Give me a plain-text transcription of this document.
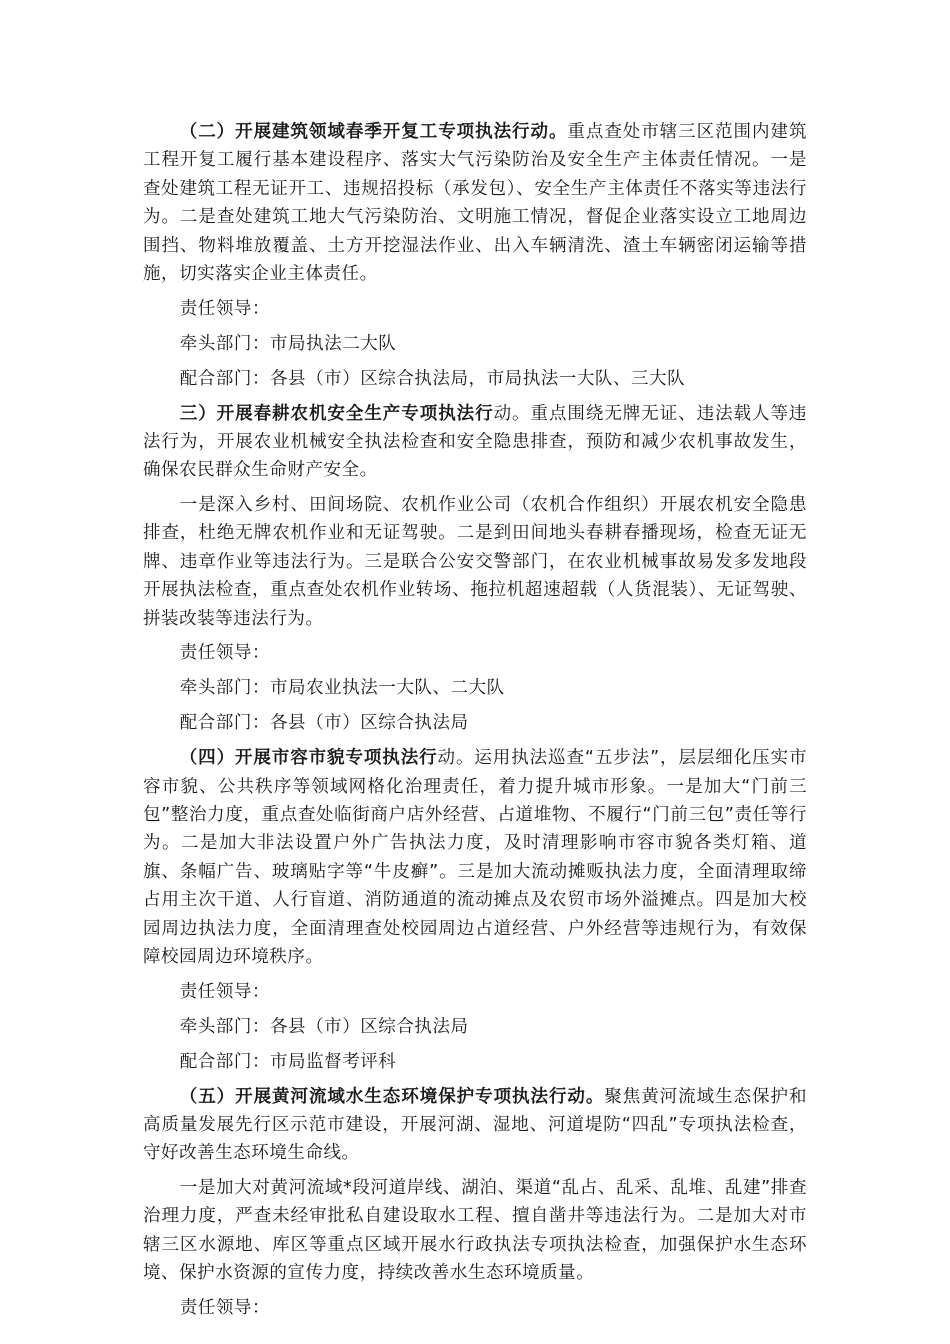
（二）开展建筑领域春季开复工专项执法行动。重点查处市辖三区范围内建筑工程开复工履行基本建设程序、落实大气污染防治及安全生产主体责任情况。一是查处建筑工程无证开工、违规招投标（承发包）、安全生产主体责任不落实等违法行为。二是查处建筑工地大气污染防治、文明施工情况，督促企业落实设立工地周边围挡、物料堆放覆盖、土方开挖湿法作业、出入车辆清洗、渣土车辆密闭运输等措施，切实落实企业主体责任。

责任领导：

牵头部门：市局执法二大队

配合部门：各县（市）区综合执法局，市局执法一大队、三大队

三）开展春耕农机安全生产专项执法行动。重点围绕无牌无证、违法载人等违法行为，开展农业机械安全执法检查和安全隐患排查，预防和减少农机事故发生，确保农民群众生命财产安全。

一是深入乡村、田间场院、农机作业公司（农机合作组织）开展农机安全隐患排查，杜绝无牌农机作业和无证驾驶。二是到田间地头春耕春播现场，检查无证无牌、违章作业等违法行为。三是联合公安交警部门，在农业机械事故易发多发地段开展执法检查，重点查处农机作业转场、拖拉机超速超载（人货混装）、无证驾驶、拼装改装等违法行为。

责任领导：

牵头部门：市局农业执法一大队、二大队

配合部门：各县（市）区综合执法局

（四）开展市容市貌专项执法行动。运用执法巡查“五步法”，层层细化压实市容市貌、公共秩序等领域网格化治理责任，着力提升城市形象。一是加大“门前三包”整治力度，重点查处临街商户店外经营、占道堆物、不履行“门前三包”责任等行为。二是加大非法设置户外广告执法力度，及时清理影响市容市貌各类灯箱、道旗、条幅广告、玻璃贴字等“牛皮癣”。三是加大流动摊贩执法力度，全面清理取缔占用主次干道、人行盲道、消防通道的流动摊点及农贸市场外溢摊点。四是加大校园周边执法力度，全面清理查处校园周边占道经营、户外经营等违规行为，有效保障校园周边环境秩序。

责任领导：

牵头部门：各县（市）区综合执法局

配合部门：市局监督考评科

（五）开展黄河流域水生态环境保护专项执法行动。聚焦黄河流域生态保护和高质量发展先行区示范市建设，开展河湖、湿地、河道堤防“四乱”专项执法检查，守好改善生态环境生命线。

一是加大对黄河流域*段河道岸线、湖泊、渠道“乱占、乱采、乱堆、乱建”排查治理力度，严查未经审批私自建设取水工程、擅自凿井等违法行为。二是加大对市辖三区水源地、库区等重点区域开展水行政执法专项执法检查，加强保护水生态环境、保护水资源的宣传力度，持续改善水生态环境质量。

责任领导：
